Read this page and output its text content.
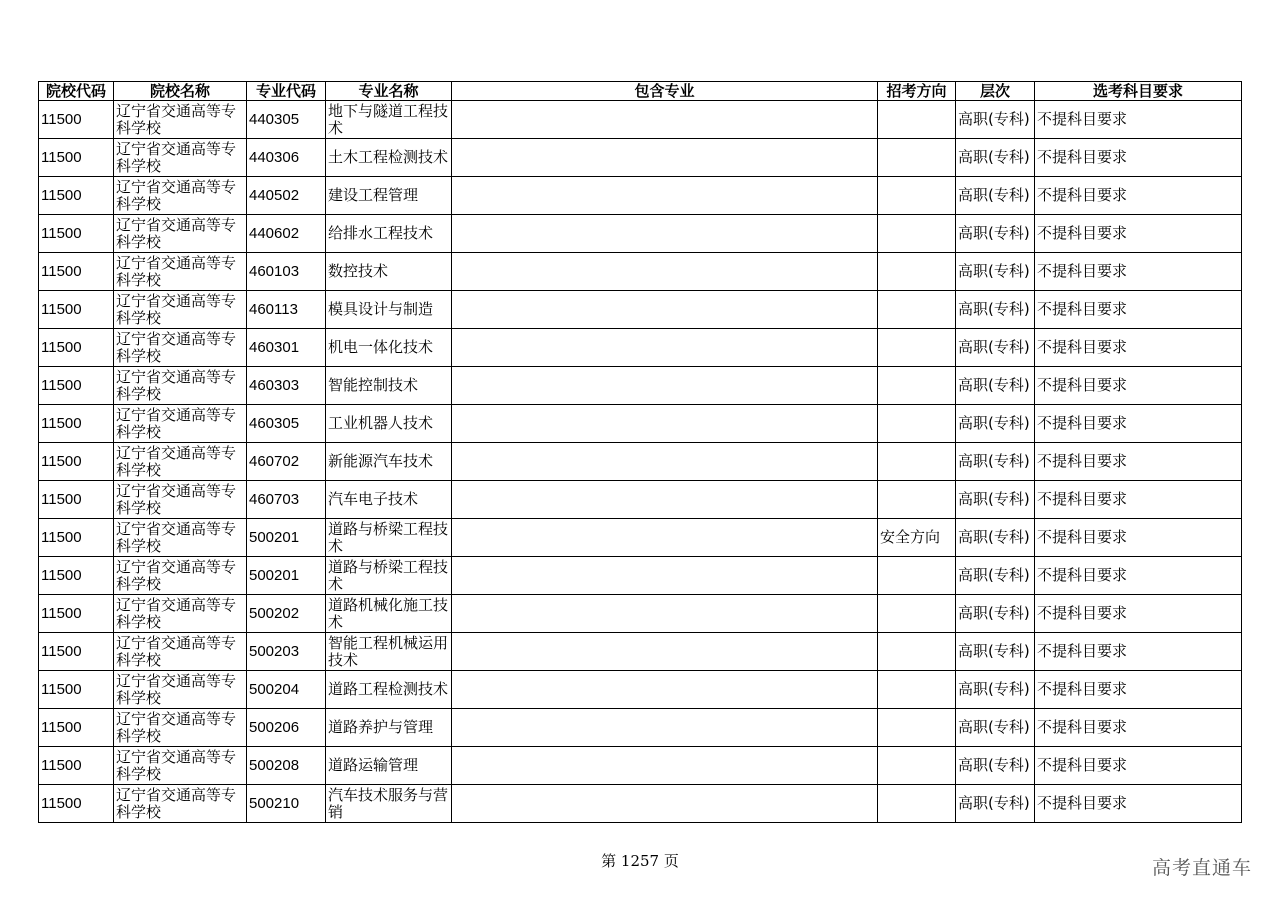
院校代码	院校名称	专业代码	专业名称	包含专业	招考方向	层次	选考科目要求
11500	辽宁省交通高等专科学校	440305	地下与隧道工程技术			高职(专科)	不提科目要求
11500	辽宁省交通高等专科学校	440306	土木工程检测技术			高职(专科)	不提科目要求
11500	辽宁省交通高等专科学校	440502	建设工程管理			高职(专科)	不提科目要求
11500	辽宁省交通高等专科学校	440602	给排水工程技术			高职(专科)	不提科目要求
11500	辽宁省交通高等专科学校	460103	数控技术			高职(专科)	不提科目要求
11500	辽宁省交通高等专科学校	460113	模具设计与制造			高职(专科)	不提科目要求
11500	辽宁省交通高等专科学校	460301	机电一体化技术			高职(专科)	不提科目要求
11500	辽宁省交通高等专科学校	460303	智能控制技术			高职(专科)	不提科目要求
11500	辽宁省交通高等专科学校	460305	工业机器人技术			高职(专科)	不提科目要求
11500	辽宁省交通高等专科学校	460702	新能源汽车技术			高职(专科)	不提科目要求
11500	辽宁省交通高等专科学校	460703	汽车电子技术			高职(专科)	不提科目要求
11500	辽宁省交通高等专科学校	500201	道路与桥梁工程技术		安全方向	高职(专科)	不提科目要求
11500	辽宁省交通高等专科学校	500201	道路与桥梁工程技术			高职(专科)	不提科目要求
11500	辽宁省交通高等专科学校	500202	道路机械化施工技术			高职(专科)	不提科目要求
11500	辽宁省交通高等专科学校	500203	智能工程机械运用技术			高职(专科)	不提科目要求
11500	辽宁省交通高等专科学校	500204	道路工程检测技术			高职(专科)	不提科目要求
11500	辽宁省交通高等专科学校	500206	道路养护与管理			高职(专科)	不提科目要求
11500	辽宁省交通高等专科学校	500208	道路运输管理			高职(专科)	不提科目要求
11500	辽宁省交通高等专科学校	500210	汽车技术服务与营销			高职(专科)	不提科目要求
第 1257 页	高考直通车
